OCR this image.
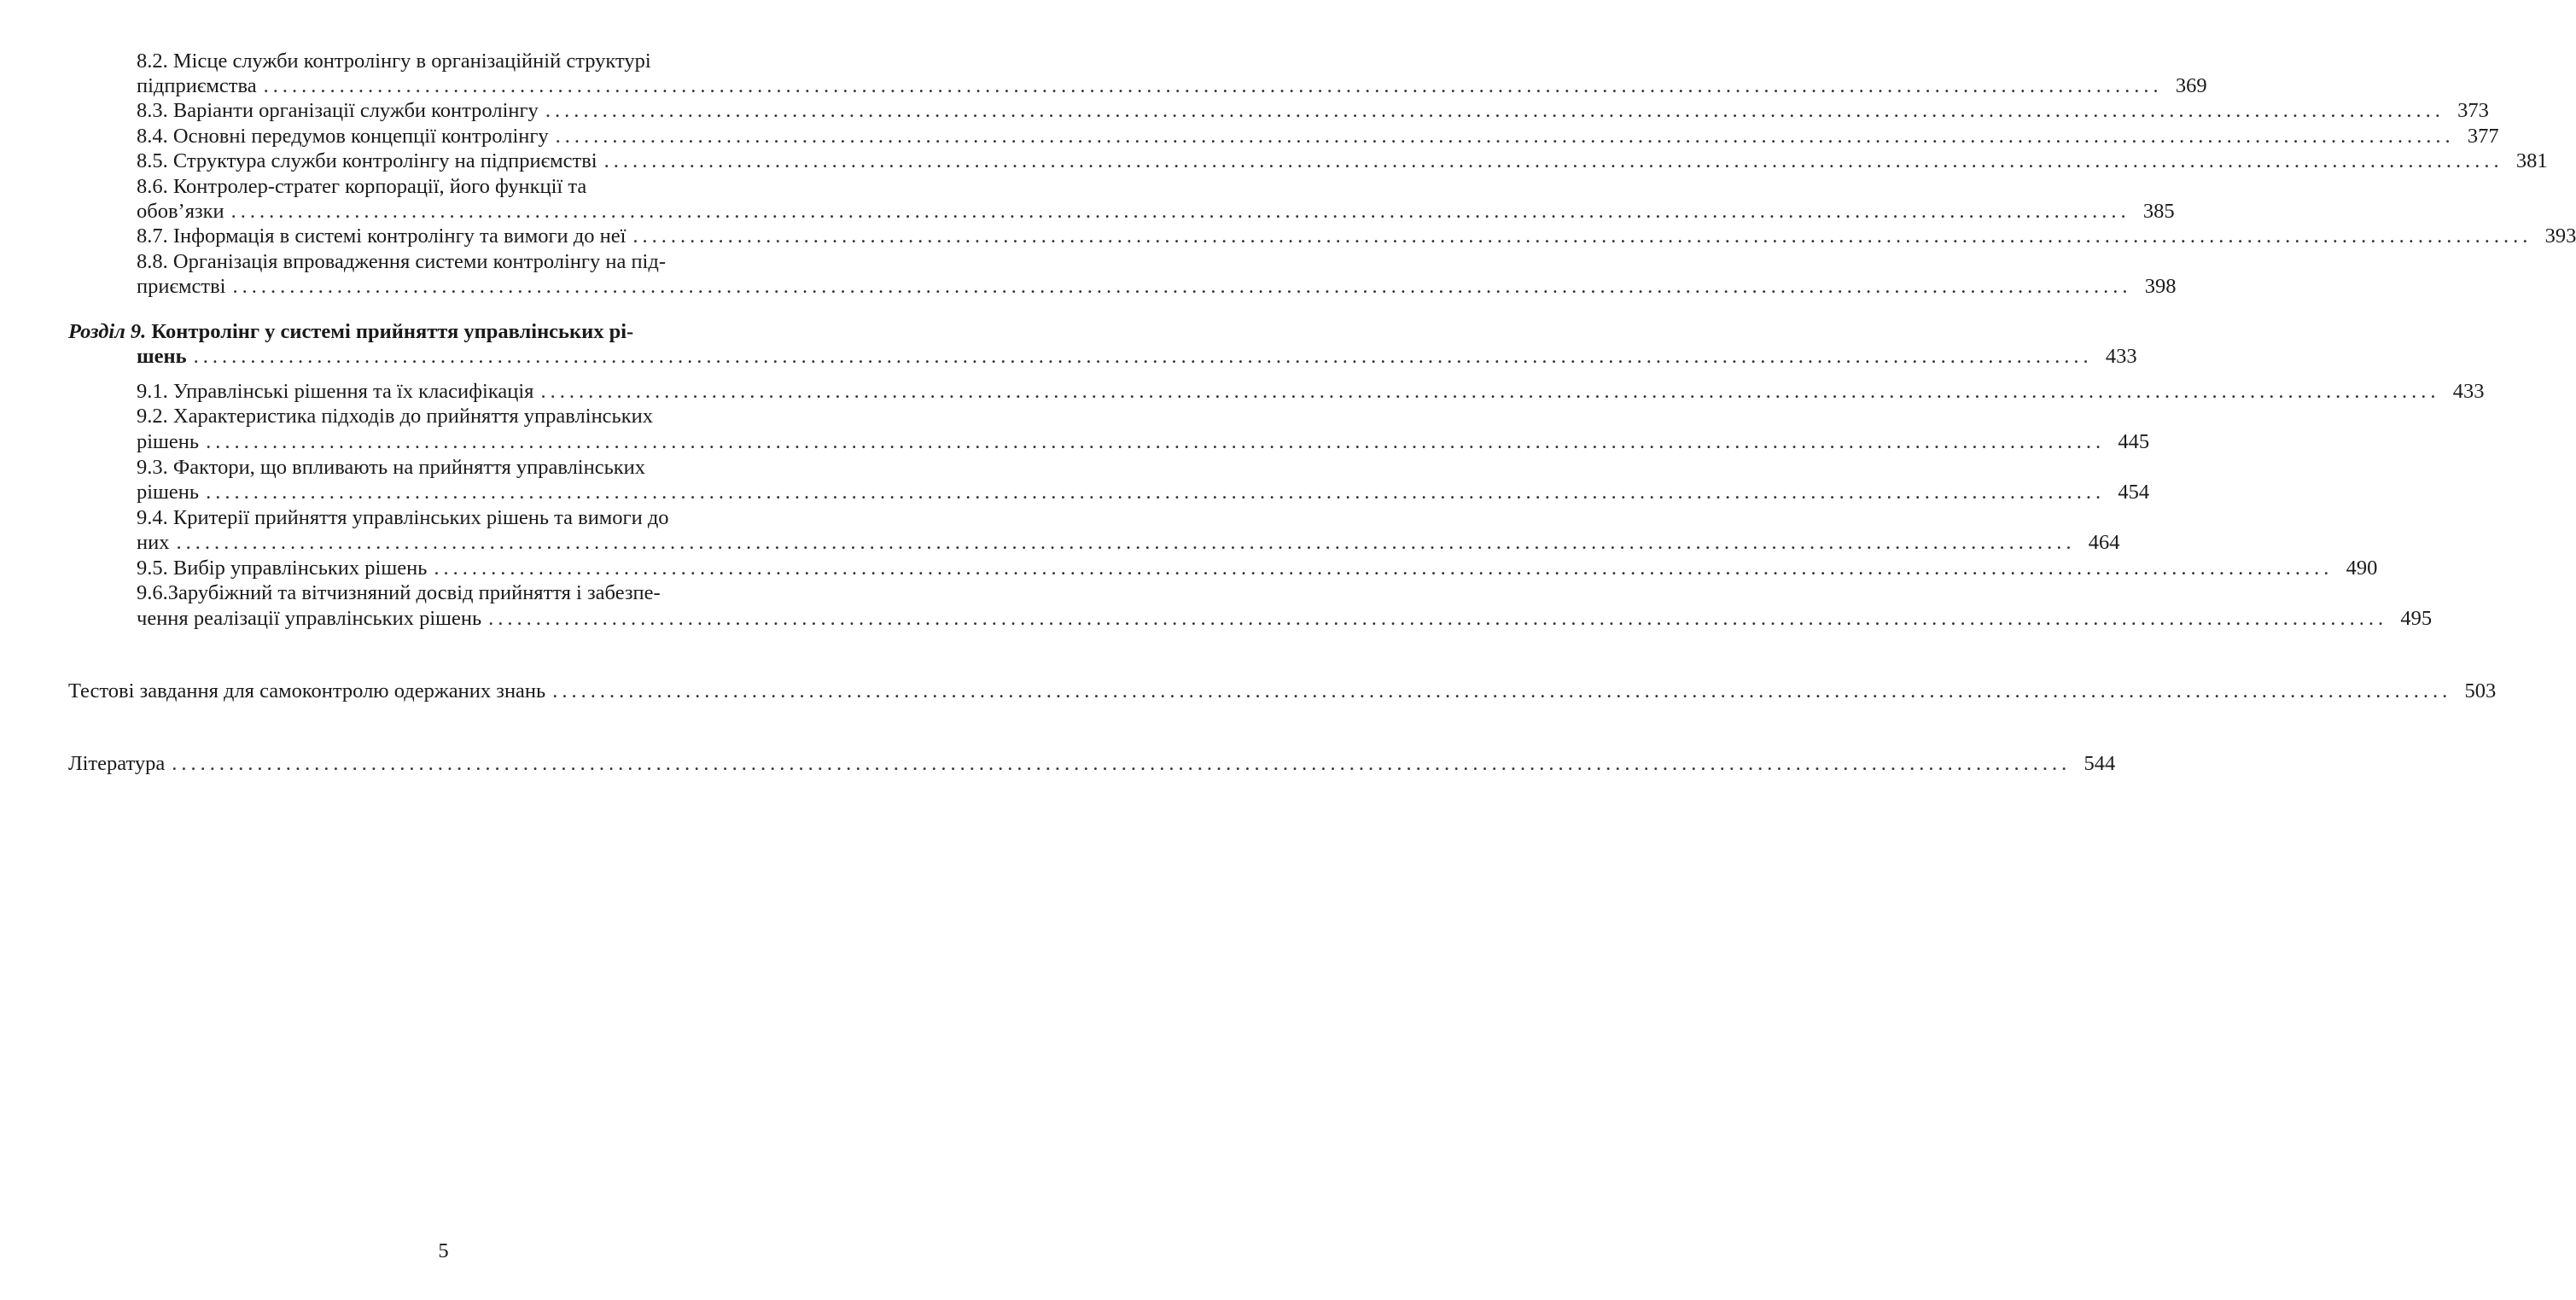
8.2. Місце служби контролінгу в організаційній структурі
підприємства ........................................................................................................................................................................................................ 369
8.3. Варіанти організації служби контролінгу ........................................................................................................................................................................................................ 373
8.4. Основні передумов концепції контролінгу ........................................................................................................................................................................................................ 377
8.5. Структура служби контролінгу на підприємстві ........................................................................................................................................................................................................ 381
8.6. Контролер-стратег корпорації, його функції та
обов’язки ........................................................................................................................................................................................................ 385
8.7. Інформація в системі контролінгу та вимоги до неї ........................................................................................................................................................................................................ 393
8.8. Організація впровадження системи контролінгу на під-
приємстві ........................................................................................................................................................................................................ 398
Розділ 9. Контролінг у системі прийняття управлінських рі-
шень ........................................................................................................................................................................................................ 433
9.1. Управлінські рішення та їх класифікація ........................................................................................................................................................................................................ 433
9.2. Характеристика підходів до прийняття управлінських
рішень ........................................................................................................................................................................................................ 445
9.3. Фактори, що впливають на прийняття управлінських
рішень ........................................................................................................................................................................................................ 454
9.4. Критерії прийняття управлінських рішень та вимоги до
них ........................................................................................................................................................................................................ 464
9.5. Вибір управлінських рішень ........................................................................................................................................................................................................ 490
9.6.Зарубіжний та вітчизняний досвід прийняття і забезпе-
чення реалізації управлінських рішень ........................................................................................................................................................................................................ 495
Тестові завдання для самоконтролю одержаних знань ........................................................................................................................................................................................................ 503
Література ........................................................................................................................................................................................................ 544
5
